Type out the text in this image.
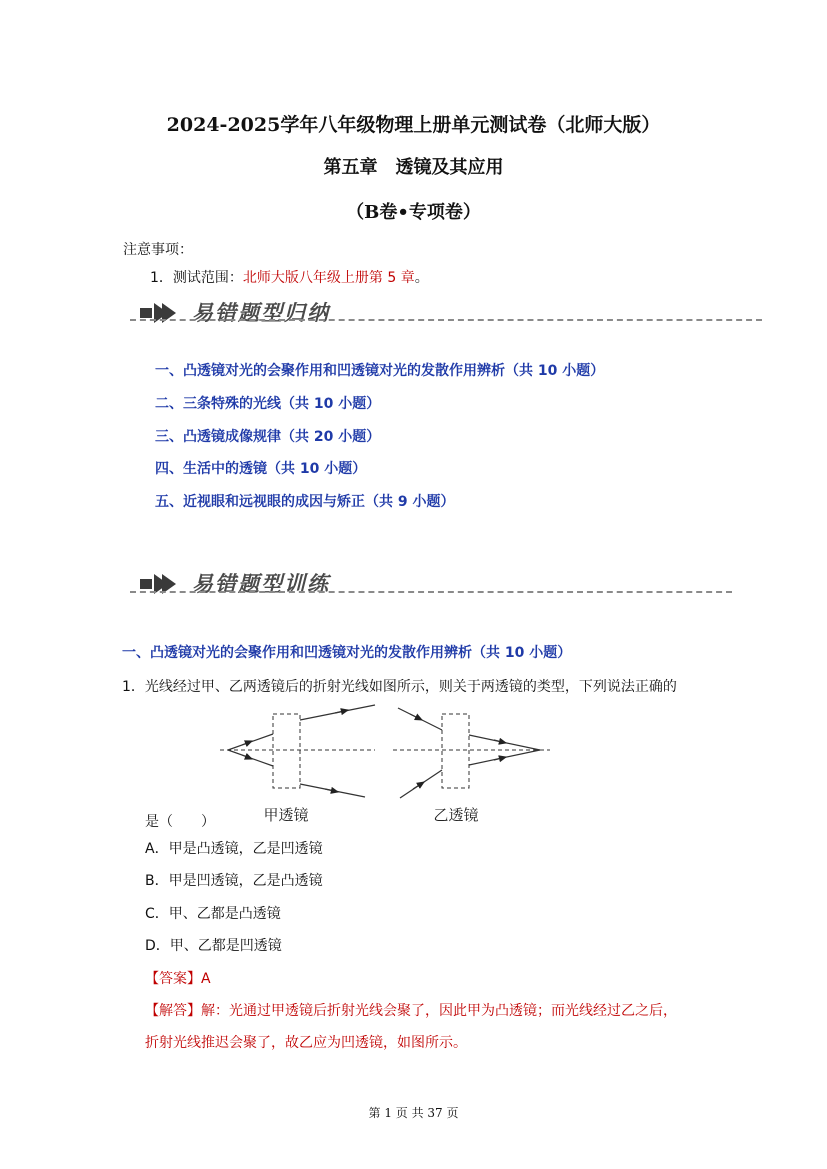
2024-2025学年八年级物理上册单元测试卷（北师大版）
第五章　透镜及其应用
（B卷•专项卷）
注意事项：
1．测试范围：北师大版八年级上册第 5 章。
易错题型归纳
一、凸透镜对光的会聚作用和凹透镜对光的发散作用辨析（共 10 小题）
二、三条特殊的光线（共 10 小题）
三、凸透镜成像规律（共 20 小题）
四、生活中的透镜（共 10 小题）
五、近视眼和远视眼的成因与矫正（共 9 小题）
易错题型训练
一、凸透镜对光的会聚作用和凹透镜对光的发散作用辨析（共 10 小题）
1．光线经过甲、乙两透镜后的折射光线如图所示，则关于两透镜的类型，下列说法正确的
甲透镜	乙透镜
是（　　）
A．甲是凸透镜，乙是凹透镜
B．甲是凹透镜，乙是凸透镜
C．甲、乙都是凸透镜
D．甲、乙都是凹透镜
【答案】A
【解答】解：光通过甲透镜后折射光线会聚了，因此甲为凸透镜；而光线经过乙之后，
折射光线推迟会聚了，故乙应为凹透镜，如图所示。
第 1 页 共 37 页
